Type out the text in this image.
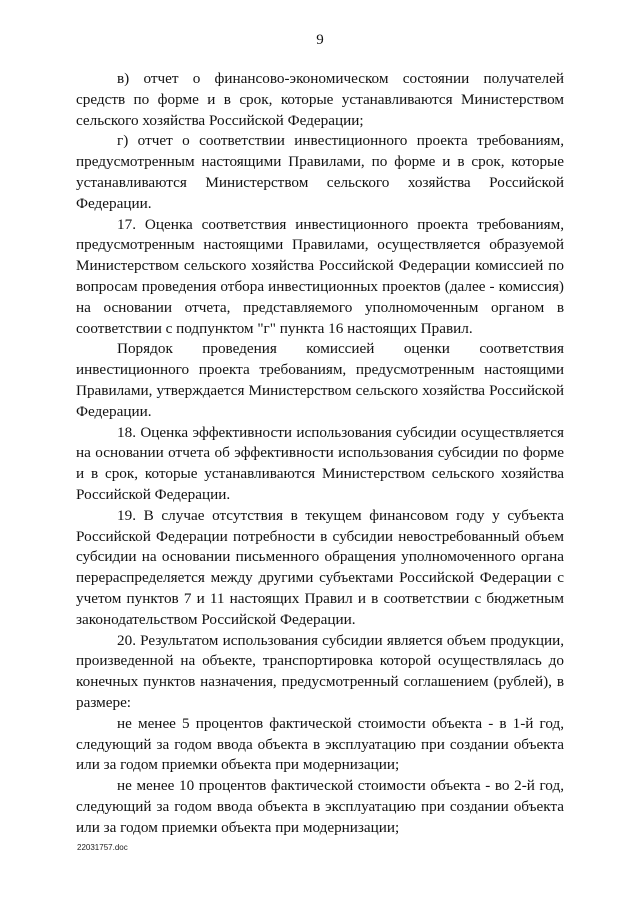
9

в) отчет о финансово-экономическом состоянии получателей средств по форме и в срок, которые устанавливаются Министерством сельского хозяйства Российской Федерации;

г) отчет о соответствии инвестиционного проекта требованиям, предусмотренным настоящими Правилами, по форме и в срок, которые устанавливаются Министерством сельского хозяйства Российской Федерации.

17. Оценка соответствия инвестиционного проекта требованиям, предусмотренным настоящими Правилами, осуществляется образуемой Министерством сельского хозяйства Российской Федерации комиссией по вопросам проведения отбора инвестиционных проектов (далее - комиссия) на основании отчета, представляемого уполномоченным органом в соответствии с подпунктом "г" пункта 16 настоящих Правил.

Порядок проведения комиссией оценки соответствия инвестиционного проекта требованиям, предусмотренным настоящими Правилами, утверждается Министерством сельского хозяйства Российской Федерации.

18. Оценка эффективности использования субсидии осуществляется на основании отчета об эффективности использования субсидии по форме и в срок, которые устанавливаются Министерством сельского хозяйства Российской Федерации.

19. В случае отсутствия в текущем финансовом году у субъекта Российской Федерации потребности в субсидии невостребованный объем субсидии на основании письменного обращения уполномоченного органа перераспределяется между другими субъектами Российской Федерации с учетом пунктов 7 и 11 настоящих Правил и в соответствии с бюджетным законодательством Российской Федерации.

20. Результатом использования субсидии является объем продукции, произведенной на объекте, транспортировка которой осуществлялась до конечных пунктов назначения, предусмотренный соглашением (рублей), в размере:

не менее 5 процентов фактической стоимости объекта - в 1-й год, следующий за годом ввода объекта в эксплуатацию при создании объекта или за годом приемки объекта при модернизации;

не менее 10 процентов фактической стоимости объекта - во 2-й год, следующий за годом ввода объекта в эксплуатацию при создании объекта или за годом приемки объекта при модернизации;

22031757.doc
